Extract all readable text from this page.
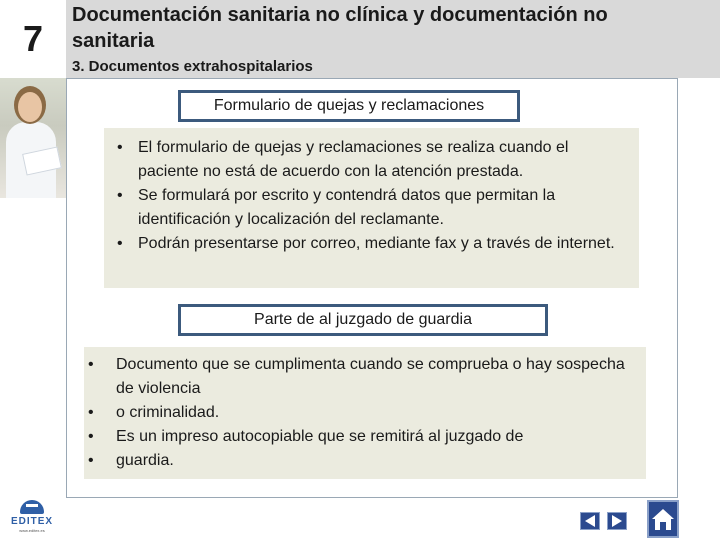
7
Documentación sanitaria no clínica y documentación no sanitaria
3. Documentos extrahospitalarios
Formulario de quejas y reclamaciones
• El formulario de quejas y reclamaciones se realiza cuando el paciente no está de acuerdo con la atención prestada.
• Se formulará por escrito y contendrá datos que permitan la identificación y localización del reclamante.
• Podrán presentarse por correo, mediante fax y a través de internet.
Parte de al juzgado de guardia
• Documento que se cumplimenta cuando se comprueba o hay sospecha de violencia
• o criminalidad.
• Es un impreso autocopiable que se remitirá al juzgado de
• guardia.
EDITEX
www.editex.es
